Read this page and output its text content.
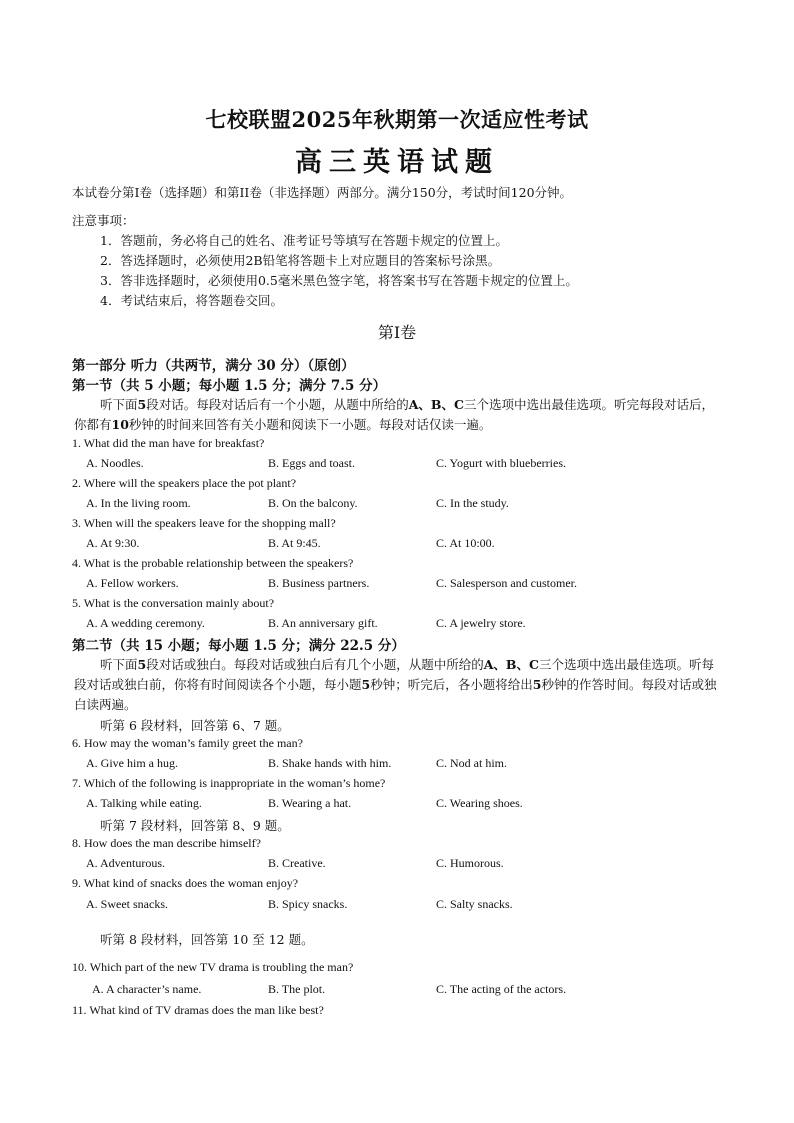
七校联盟2025年秋期第一次适应性考试
高三英语试题
本试卷分第I卷（选择题）和第II卷（非选择题）两部分。满分150分，考试时间120分钟。
注意事项：
1．答题前，务必将自己的姓名、准考证号等填写在答题卡规定的位置上。
2．答选择题时，必须使用2B铅笔将答题卡上对应题目的答案标号涂黑。
3．答非选择题时，必须使用0.5毫米黑色签字笔，将答案书写在答题卡规定的位置上。
4．考试结束后，将答题卷交回。
第I卷
第一部分 听力（共两节，满分 30 分）（原创）
第一节（共 5 小题；每小题 1.5 分；满分 7.5 分）
听下面5段对话。每段对话后有一个小题，从题中所给的A、B、C三个选项中选出最佳选项。听完每段对话后，你都有10秒钟的时间来回答有关小题和阅读下一小题。每段对话仅读一遍。
1. What did the man have for breakfast?
A. Noodles.	B. Eggs and toast.	C. Yogurt with blueberries.
2. Where will the speakers place the pot plant?
A. In the living room.	B. On the balcony.	C. In the study.
3. When will the speakers leave for the shopping mall?
A. At 9:30.	B. At 9:45.	C. At 10:00.
4. What is the probable relationship between the speakers?
A. Fellow workers.	B. Business partners.	C. Salesperson and customer.
5. What is the conversation mainly about?
A. A wedding ceremony.	B. An anniversary gift.	C. A jewelry store.
第二节（共 15 小题；每小题 1.5 分；满分 22.5 分）
听下面5段对话或独白。每段对话或独白后有几个小题，从题中所给的A、B、C三个选项中选出最佳选项。听每段对话或独白前，你将有时间阅读各个小题，每小题5秒钟；听完后，各小题将给出5秒钟的作答时间。每段对话或独白读两遍。
听第 6 段材料，回答第 6、7 题。
6. How may the woman’s family greet the man?
A. Give him a hug.	B. Shake hands with him.	C. Nod at him.
7. Which of the following is inappropriate in the woman’s home?
A. Talking while eating.	B. Wearing a hat.	C. Wearing shoes.
听第 7 段材料，回答第 8、9 题。
8. How does the man describe himself?
A. Adventurous.	B. Creative.	C. Humorous.
9. What kind of snacks does the woman enjoy?
A. Sweet snacks.	B. Spicy snacks.	C. Salty snacks.
听第 8 段材料，回答第 10 至 12 题。
10. Which part of the new TV drama is troubling the man?
A. A character’s name.	B. The plot.	C. The acting of the actors.
11. What kind of TV dramas does the man like best?
